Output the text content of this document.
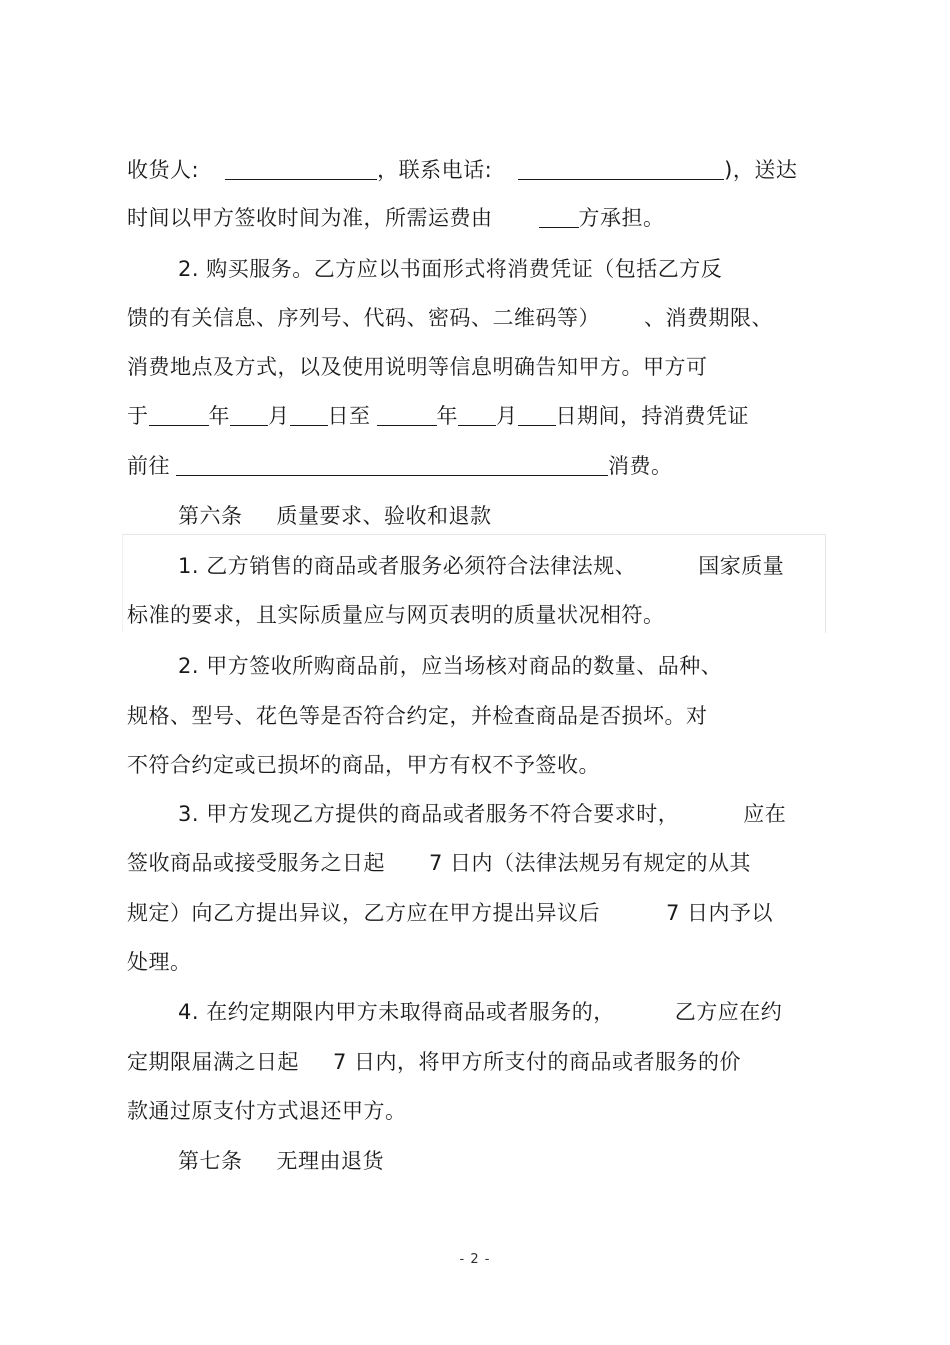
收货人:	，联系电话:	)，送达
时间以甲方签收时间为准，所需运费由	方承担。
2. 购买服务。乙方应以书面形式将消费凭证（包括乙方反
馈的有关信息、序列号、代码、密码、二维码等） 、消费期限、
消费地点及方式，以及使用说明等信息明确告知甲方。甲方可
于	年 月 日至	年 月 日期间，持消费凭证
前往	消费。
第六条 质量要求、验收和退款
1. 乙方销售的商品或者服务必须符合法律法规、	国家质量
标准的要求，且实际质量应与网页表明的质量状况相符。
2. 甲方签收所购商品前，应当场核对商品的数量、品种、
规格、型号、花色等是否符合约定，并检查商品是否损坏。对
不符合约定或已损坏的商品，甲方有权不予签收。
3. 甲方发现乙方提供的商品或者服务不符合要求时，	应在
签收商品或接受服务之日起 7 日内（法律法规另有规定的从其
规定）向乙方提出异议，乙方应在甲方提出异议后	7 日内予以
处理。
4. 在约定期限内甲方未取得商品或者服务的，	乙方应在约
定期限届满之日起 7 日内，将甲方所支付的商品或者服务的价
款通过原支付方式退还甲方。
第七条 无理由退货
- 2 -
